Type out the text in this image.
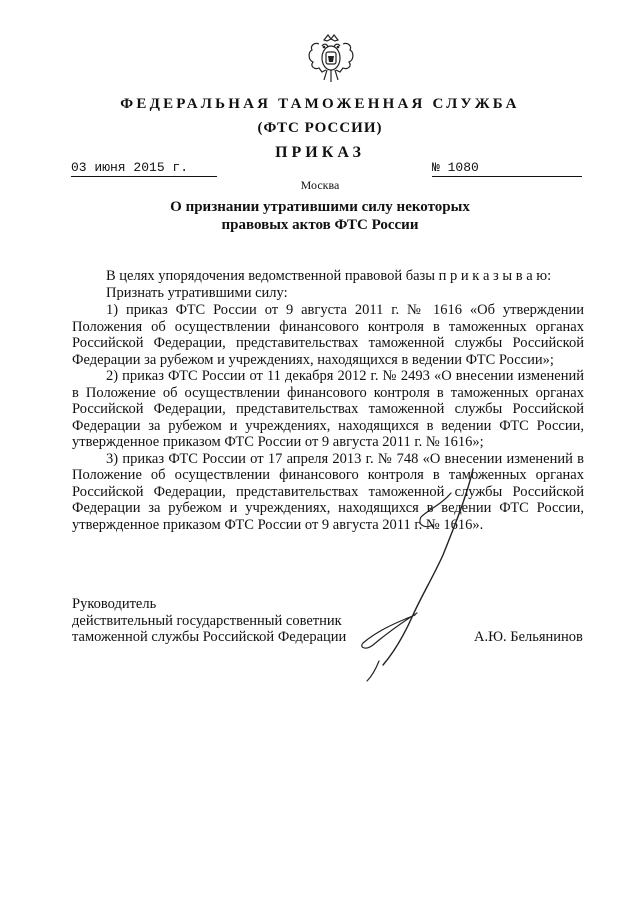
ФЕДЕРАЛЬНАЯ ТАМОЖЕННАЯ СЛУЖБА
(ФТС РОССИИ)
ПРИКАЗ
03 июня 2015 г.	№ 1080
Москва
О признании утратившими силу некоторых
правовых актов ФТС России

В целях упорядочения ведомственной правовой базы п р и к а з ы в а ю:

Признать утратившими силу:

1) приказ ФТС России от 9 августа 2011 г. № 1616 «Об утверждении Положения об осуществлении финансового контроля в таможенных органах Российской Федерации, представительствах таможенной службы Российской Федерации за рубежом и учреждениях, находящихся в ведении ФТС России»;

2) приказ ФТС России от 11 декабря 2012 г. № 2493 «О внесении изменений в Положение об осуществлении финансового контроля в таможенных органах Российской Федерации, представительствах таможенной службы Российской Федерации за рубежом и учреждениях, находящихся в ведении ФТС России, утвержденное приказом ФТС России от 9 августа 2011 г. № 1616»;

3) приказ ФТС России от 17 апреля 2013 г. № 748 «О внесении изменений в Положение об осуществлении финансового контроля в таможенных органах Российской Федерации, представительствах таможенной службы Российской Федерации за рубежом и учреждениях, находящихся в ведении ФТС России, утвержденное приказом ФТС России от 9 августа 2011 г. № 1616».

Руководитель
действительный государственный советник
таможенной службы Российской Федерации	А.Ю. Бельянинов
